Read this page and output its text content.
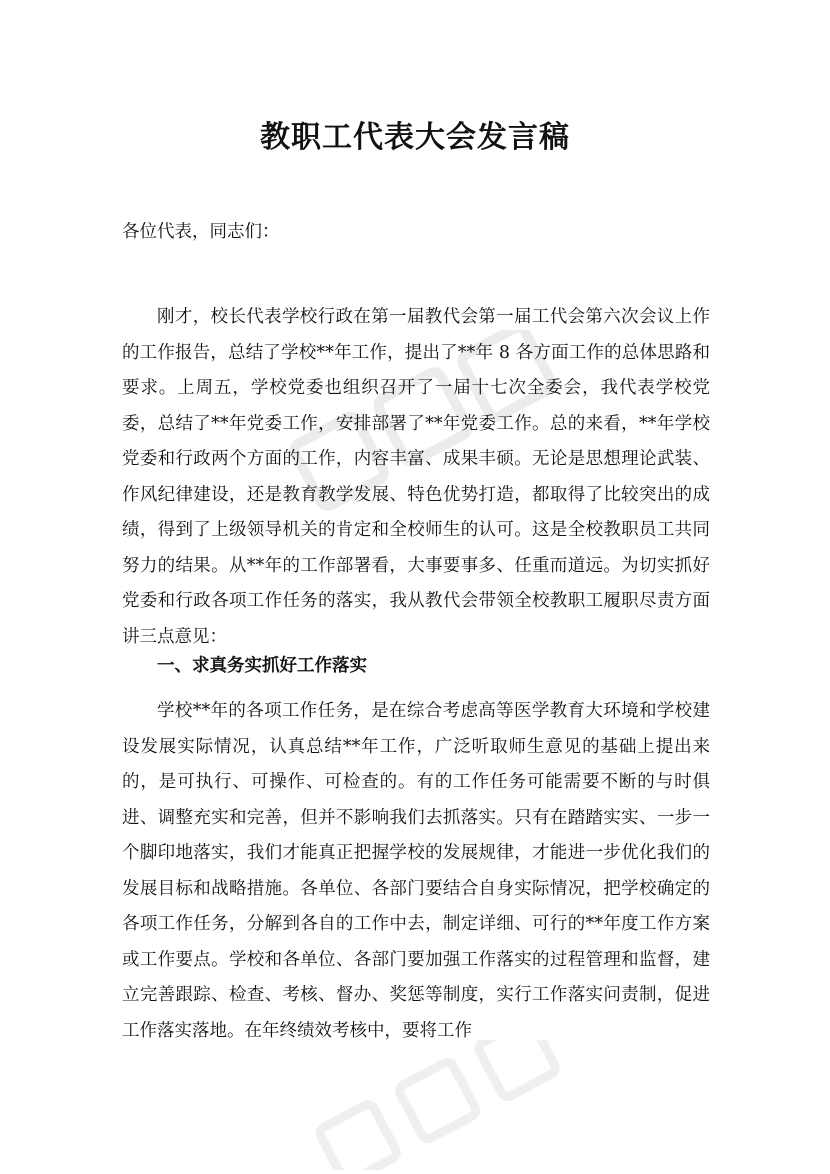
教职工代表大会发言稿
各位代表，同志们：

刚才，校长代表学校行政在第一届教代会第一届工代会第六次会议上作的工作报告，总结了学校**年工作，提出了**年 8 各方面工作的总体思路和要求。上周五，学校党委也组织召开了一届十七次全委会，我代表学校党委，总结了**年党委工作，安排部署了**年党委工作。总的来看，**年学校党委和行政两个方面的工作，内容丰富、成果丰硕。无论是思想理论武装、作风纪律建设，还是教育教学发展、特色优势打造，都取得了比较突出的成绩，得到了上级领导机关的肯定和全校师生的认可。这是全校教职员工共同努力的结果。从**年的工作部署看，大事要事多、任重而道远。为切实抓好党委和行政各项工作任务的落实，我从教代会带领全校教职工履职尽责方面讲三点意见：

一、求真务实抓好工作落实

学校**年的各项工作任务，是在综合考虑高等医学教育大环境和学校建设发展实际情况，认真总结**年工作，广泛听取师生意见的基础上提出来的，是可执行、可操作、可检查的。有的工作任务可能需要不断的与时俱进、调整充实和完善，但并不影响我们去抓落实。只有在踏踏实实、一步一个脚印地落实，我们才能真正把握学校的发展规律，才能进一步优化我们的发展目标和战略措施。各单位、各部门要结合自身实际情况，把学校确定的各项工作任务，分解到各自的工作中去，制定详细、可行的**年度工作方案或工作要点。学校和各单位、各部门要加强工作落实的过程管理和监督，建立完善跟踪、检查、考核、督办、奖惩等制度，实行工作落实问责制，促进工作落实落地。在年终绩效考核中，要将工作
